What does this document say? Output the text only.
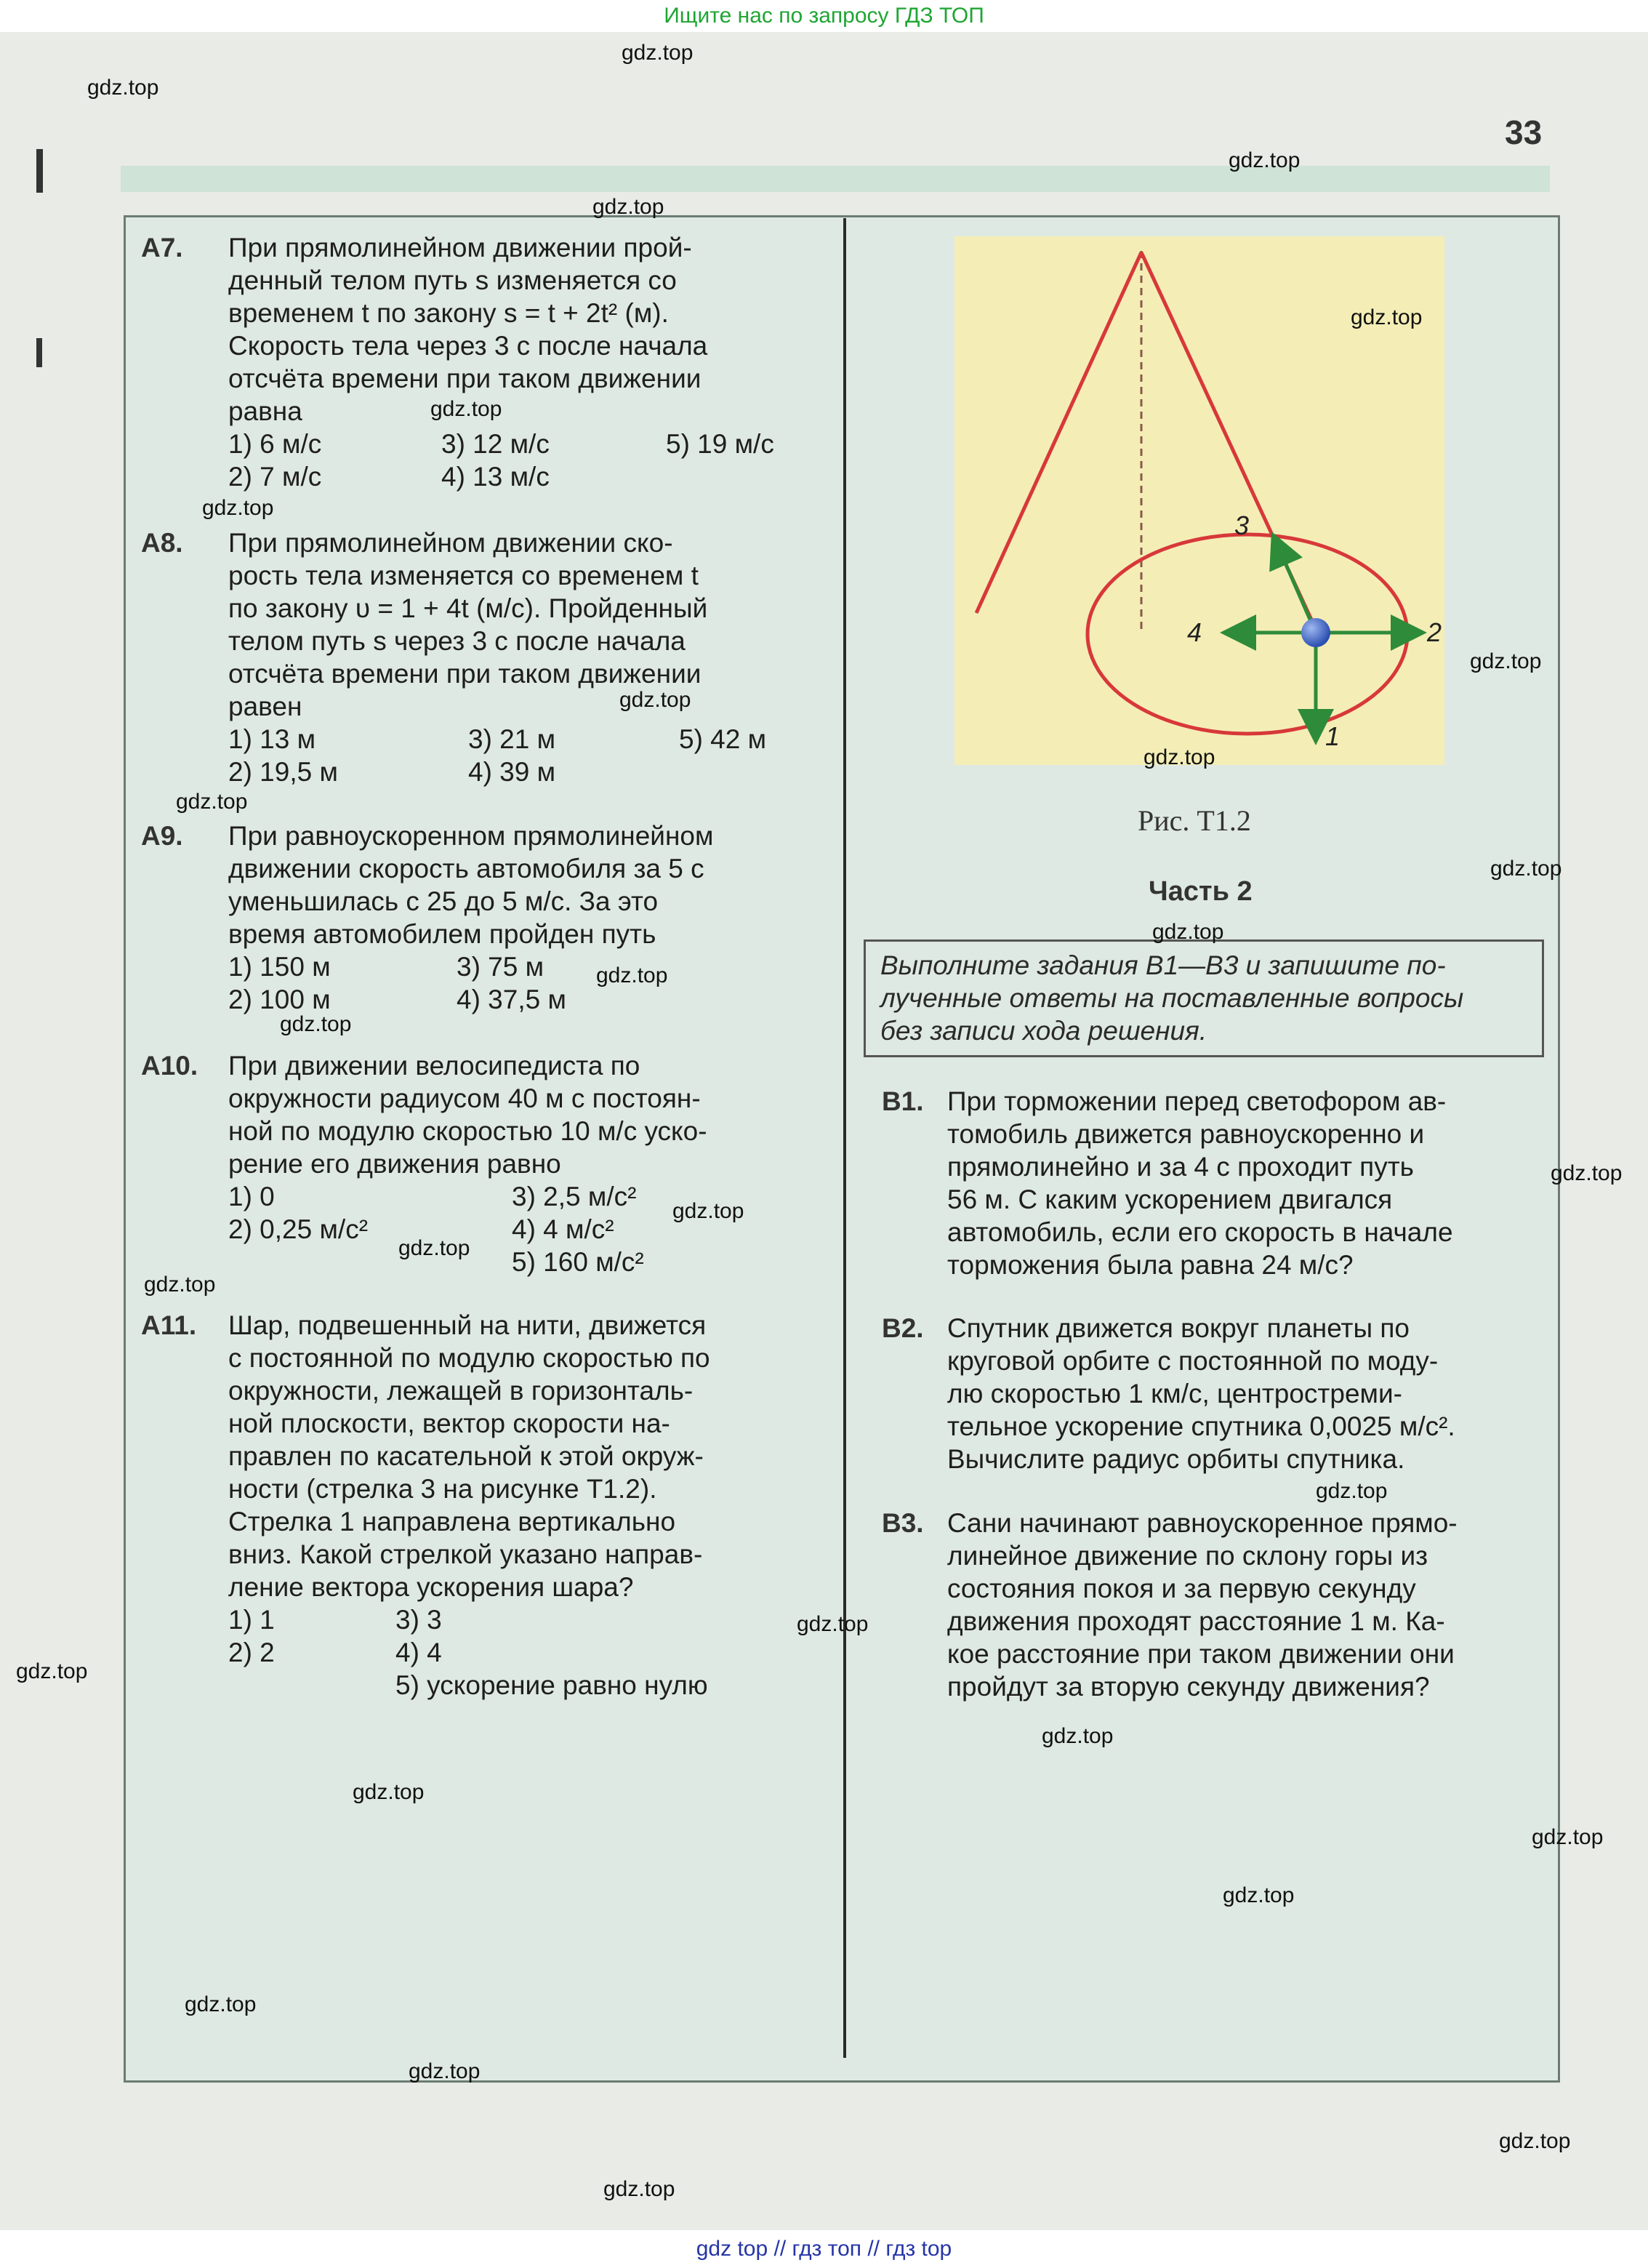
Ищите нас по запросу ГДЗ ТОП
33
А7. При прямолинейном движении прой-
денный телом путь s изменяется со
временем t по закону s = t + 2t² (м).
Скорость тела через 3 с после начала
отсчёта времени при таком движении
равна
1) 6 м/с	3) 12 м/с	5) 19 м/с
2) 7 м/с	4) 13 м/с
А8. При прямолинейном движении ско-
рость тела изменяется со временем t
по закону υ = 1 + 4t (м/с). Пройденный
телом путь s через 3 с после начала
отсчёта времени при таком движении
равен
1) 13 м	3) 21 м	5) 42 м
2) 19,5 м	4) 39 м
А9. При равноускоренном прямолинейном
движении скорость автомобиля за 5 с
уменьшилась с 25 до 5 м/с. За это
время автомобилем пройден путь
1) 150 м	3) 75 м
2) 100 м	4) 37,5 м
А10. При движении велосипедиста по
окружности радиусом 40 м с постоян-
ной по модулю скоростью 10 м/с уско-
рение его движения равно
1) 0	3) 2,5 м/с²
2) 0,25 м/с²	4) 4 м/с²
5) 160 м/с²
А11. Шар, подвешенный на нити, движется
с постоянной по модулю скоростью по
окружности, лежащей в горизонталь-
ной плоскости, вектор скорости на-
правлен по касательной к этой окруж-
ности (стрелка 3 на рисунке Т1.2).
Стрелка 1 направлена вертикально
вниз. Какой стрелкой указано направ-
ление вектора ускорения шара?
1) 1	3) 3
2) 2	4) 4
5) ускорение равно нулю
1
2
3
4
Рис. Т1.2
Часть 2
Выполните задания В1—В3 и запишите по-
лученные ответы на поставленные вопросы
без записи хода решения.
В1. При торможении перед светофором ав-
томобиль движется равноускоренно и
прямолинейно и за 4 с проходит путь
56 м. С каким ускорением двигался
автомобиль, если его скорость в начале
торможения была равна 24 м/с?
В2. Спутник движется вокруг планеты по
круговой орбите с постоянной по моду-
лю скоростью 1 км/с, центростреми-
тельное ускорение спутника 0,0025 м/с².
Вычислите радиус орбиты спутника.
В3. Сани начинают равноускоренное прямо-
линейное движение по склону горы из
состояния покоя и за первую секунду
движения проходят расстояние 1 м. Ка-
кое расстояние при таком движении они
пройдут за вторую секунду движения?
gdz.top
gdz.top
gdz.top
gdz.top
gdz.top
gdz.top
gdz.top
gdz.top
gdz.top
gdz.top
gdz.top
gdz.top
gdz.top
gdz.top
gdz.top
gdz.top
gdz.top
gdz.top
gdz.top
gdz.top
gdz.top
gdz.top
gdz.top
gdz.top
gdz.top
gdz.top
gdz.top
gdz.top
gdz.top
gdz.top
gdz top // гдз топ // гдз top
